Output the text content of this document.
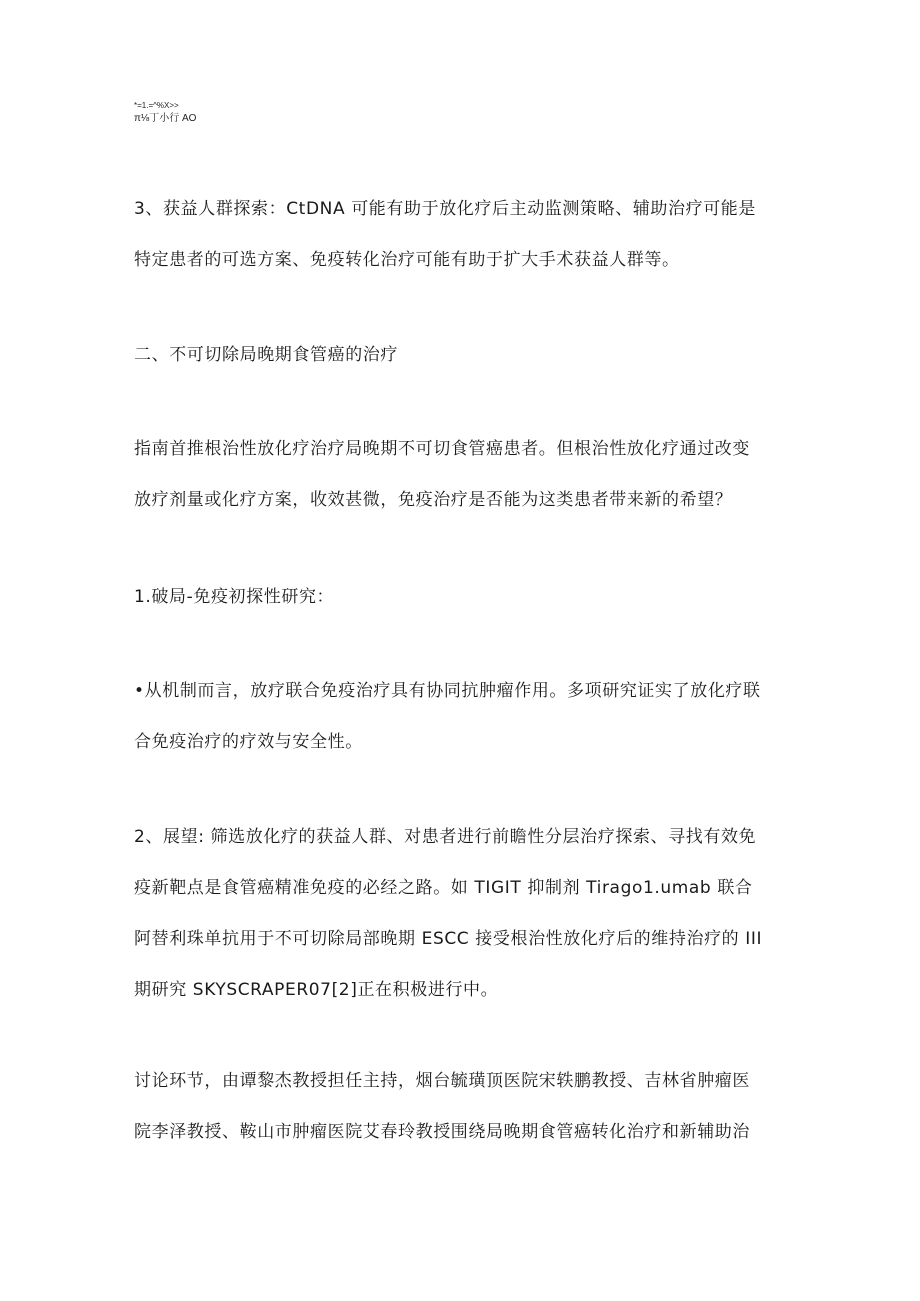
*=1.=^%X>>
π⅛丁小行 AO

3、获益人群探索：CtDNA 可能有助于放化疗后主动监测策略、辅助治疗可能是
特定患者的可选方案、免疫转化治疗可能有助于扩大手术获益人群等。

二、不可切除局晚期食管癌的治疗

指南首推根治性放化疗治疗局晚期不可切食管癌患者。但根治性放化疗通过改变
放疗剂量或化疗方案，收效甚微，免疫治疗是否能为这类患者带来新的希望？

1.破局-免疫初探性研究：

•从机制而言，放疗联合免疫治疗具有协同抗肿瘤作用。多项研究证实了放化疗联
合免疫治疗的疗效与安全性。

2、展望: 筛选放化疗的获益人群、对患者进行前瞻性分层治疗探索、寻找有效免
疫新靶点是食管癌精准免疫的必经之路。如 TIGIT 抑制剂 Tirago1.umab 联合
阿替利珠单抗用于不可切除局部晚期 ESCC 接受根治性放化疗后的维持治疗的 III
期研究 SKYSCRAPER07[2]正在积极进行中。

讨论环节，由谭黎杰教授担任主持，烟台毓璜顶医院宋轶鹏教授、吉林省肿瘤医
院李泽教授、鞍山市肿瘤医院艾春玲教授围绕局晚期食管癌转化治疗和新辅助治
